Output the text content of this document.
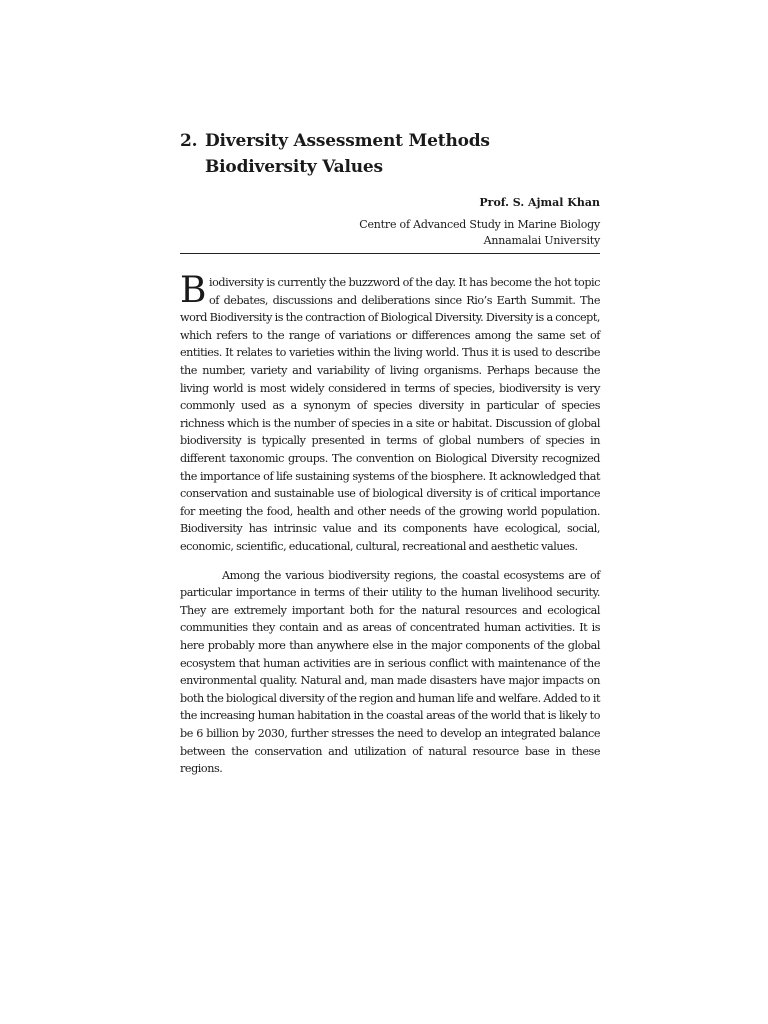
2. Diversity Assessment Methods
Biodiversity Values
Prof. S. Ajmal Khan
Centre of Advanced Study in Marine Biology
Annamalai University

Biodiversity is currently the buzzword of the day. It has become the hot topic of debates, discussions and deliberations since Rio’s Earth Summit. The word Biodiversity is the contraction of Biological Diversity. Diversity is a concept, which refers to the range of variations or differences among the same set of entities. It relates to varieties within the living world. Thus it is used to describe the number, variety and variability of living organisms. Perhaps because the living world is most widely considered in terms of species, biodiversity is very commonly used as a synonym of species diversity in particular of species richness which is the number of species in a site or habitat. Discussion of global biodiversity is typically presented in terms of global numbers of species in different taxonomic groups. The convention on Biological Diversity recognized the importance of life sustaining systems of the biosphere. It acknowledged that conservation and sustainable use of biological diversity is of critical importance for meeting the food, health and other needs of the growing world population. Biodiversity has intrinsic value and its components have ecological, social, economic, scientific, educational, cultural, recreational and aesthetic values.

Among the various biodiversity regions, the coastal ecosystems are of particular importance in terms of their utility to the human livelihood security. They are extremely important both for the natural resources and ecological communities they contain and as areas of concentrated human activities. It is here probably more than anywhere else in the major components of the global ecosystem that human activities are in serious conflict with maintenance of the environmental quality. Natural and, man made disasters have major impacts on both the biological diversity of the region and human life and welfare. Added to it the increasing human habitation in the coastal areas of the world that is likely to be 6 billion by 2030, further stresses the need to develop an integrated balance between the conservation and utilization of natural resource base in these regions.
